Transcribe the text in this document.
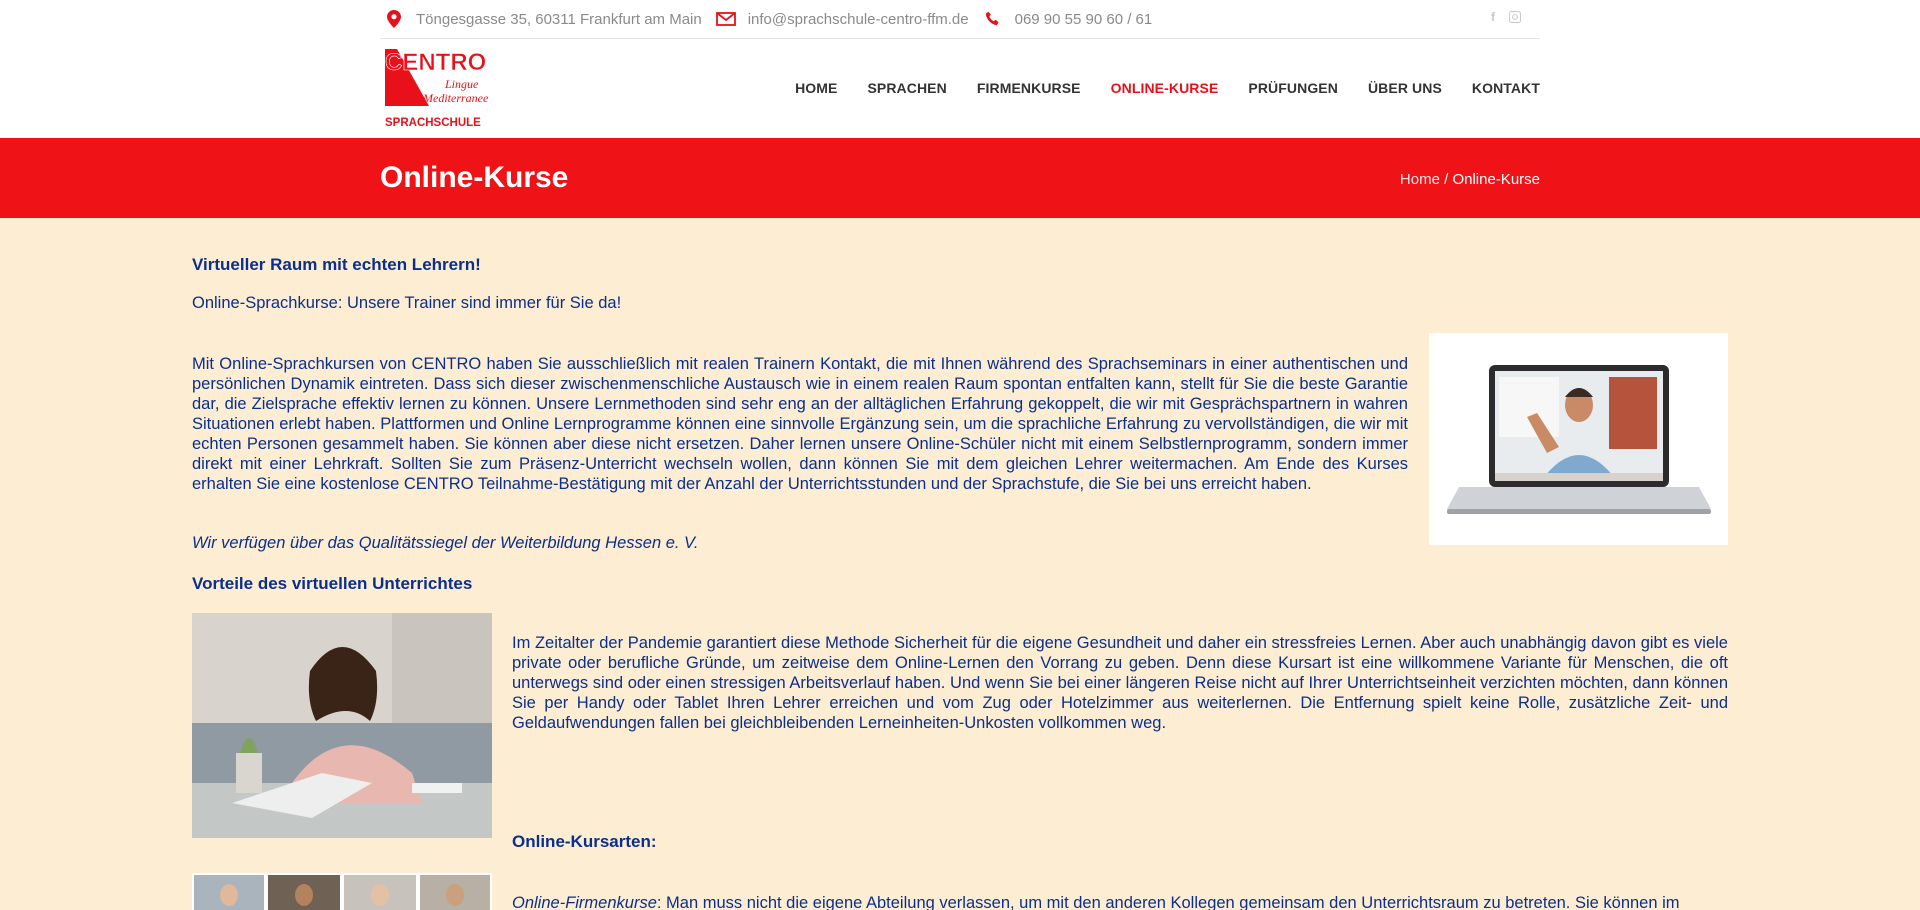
Töngesgasse 35, 60311 Frankfurt am Main	info@sprachschule-centro-ffm.de	069 90 55 90 60 / 61	f
CENTRO
Lingue
Mediterranee
SPRACHSCHULE
HOME SPRACHEN FIRMENKURSE ONLINE-KURSE PRÜFUNGEN ÜBER UNS KONTAKT
Online-Kurse	Home / Online-Kurse
Virtueller Raum mit echten Lehrern!
Online-Sprachkurse: Unsere Trainer sind immer für Sie da!

Mit Online-Sprachkursen von CENTRO haben Sie ausschließlich mit realen Trainern Kontakt, die mit Ihnen während des Sprachseminars in einer authentischen und persönlichen Dynamik eintreten. Dass sich dieser zwischenmenschliche Austausch wie in einem realen Raum spontan entfalten kann, stellt für Sie die beste Garantie dar, die Zielsprache effektiv lernen zu können. Unsere Lernmethoden sind sehr eng an der alltäglichen Erfahrung gekoppelt, die wir mit Gesprächspartnern in wahren Situationen erlebt haben. Plattformen und Online Lernprogramme können eine sinnvolle Ergänzung sein, um die sprachliche Erfahrung zu vervollständigen, die wir mit echten Personen gesammelt haben. Sie können aber diese nicht ersetzen. Daher lernen unsere Online-Schüler nicht mit einem Selbstlernprogramm, sondern immer direkt mit einer Lehrkraft. Sollten Sie zum Präsenz-Unterricht wechseln wollen, dann können Sie mit dem gleichen Lehrer weitermachen. Am Ende des Kurses erhalten Sie eine kostenlose CENTRO Teilnahme-Bestätigung mit der Anzahl der Unterrichtsstunden und der Sprachstufe, die Sie bei uns erreicht haben.

Wir verfügen über das Qualitätssiegel der Weiterbildung Hessen e. V.
Vorteile des virtuellen Unterrichtes

Im Zeitalter der Pandemie garantiert diese Methode Sicherheit für die eigene Gesundheit und daher ein stressfreies Lernen. Aber auch unabhängig davon gibt es viele private oder berufliche Gründe, um zeitweise dem Online-Lernen den Vorrang zu geben. Denn diese Kursart ist eine willkommene Variante für Menschen, die oft unterwegs sind oder einen stressigen Arbeitsverlauf haben. Und wenn Sie bei einer längeren Reise nicht auf Ihrer Unterrichtseinheit verzichten möchten, dann können Sie per Handy oder Tablet Ihren Lehrer erreichen und vom Zug oder Hotelzimmer aus weiterlernen. Die Entfernung spielt keine Rolle, zusätzliche Zeit- und Geldaufwendungen fallen bei gleichbleibenden Lerneinheiten-Unkosten vollkommen weg.

Online-Kursarten:

Online-Firmenkurse: Man muss nicht die eigene Abteilung verlassen, um mit den anderen Kollegen gemeinsam den Unterrichtsraum zu betreten. Sie können im
